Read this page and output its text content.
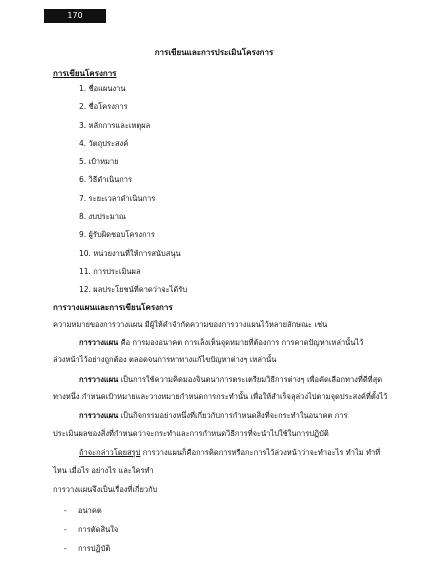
170
การเขียนและการประเมินโครงการ
การเขียนโครงการ
1. ชื่อแผนงาน
2. ชื่อโครงการ
3. หลักการและเหตุผล
4. วัตถุประสงค์
5. เป้าหมาย
6. วิธีดำเนินการ
7. ระยะเวลาดำเนินการ
8. งบประมาณ
9. ผู้รับผิดชอบโครงการ
10. หน่วยงานที่ให้การสนับสนุน
11. การประเมินผล
12. ผลประโยชน์ที่คาดว่าจะได้รับ
การวางแผนและการเขียนโครงการ
ความหมายของการวางแผน มีผู้ให้คำจำกัดความของการวางแผนไว้หลายลักษณะ เช่น
การวางแผน คือ การมองอนาคต การเล็งเห็นจุดหมายที่ต้องการ การคาดปัญหาเหล่านั้นไว้
ล่วงหน้าไว้อย่างถูกต้อง ตลอดจนการหาทางแก้ไขปัญหาต่างๆ เหล่านั้น
การวางแผน เป็นการใช้ความคิดมองจินตนาการตระเตรียมวิธีการต่างๆ เพื่อคัดเลือกทางที่ดีที่สุด
ทางหนึ่ง กำหนดเป้าหมายและวางหมายกำหนดการกระทำนั้น เพื่อให้สำเร็จลุล่วงไปตามจุดประสงค์ที่ตั้งไว้
การวางแผน เป็นกิจกรรมอย่างหนึ่งที่เกี่ยวกับการกำหนดสิ่งที่จะกระทำในอนาคต การ
ประเมินผลของสิ่งที่กำหนดว่าจะกระทำและการกำหนดวิธีการที่จะนำไปใช้ในการปฏิบัติ
ถ้าจะกล่าวโดยสรุป การวางแผนก็คือการคิดการหรือกะการไว้ล่วงหน้าว่าจะทำอะไร ทำไม ทำที่
ไหน เมื่อไร อย่างไร และใครทำ
การวางแผนจึงเป็นเรื่องที่เกี่ยวกับ
- อนาคต
- การตัดสินใจ
- การปฏิบัติ
